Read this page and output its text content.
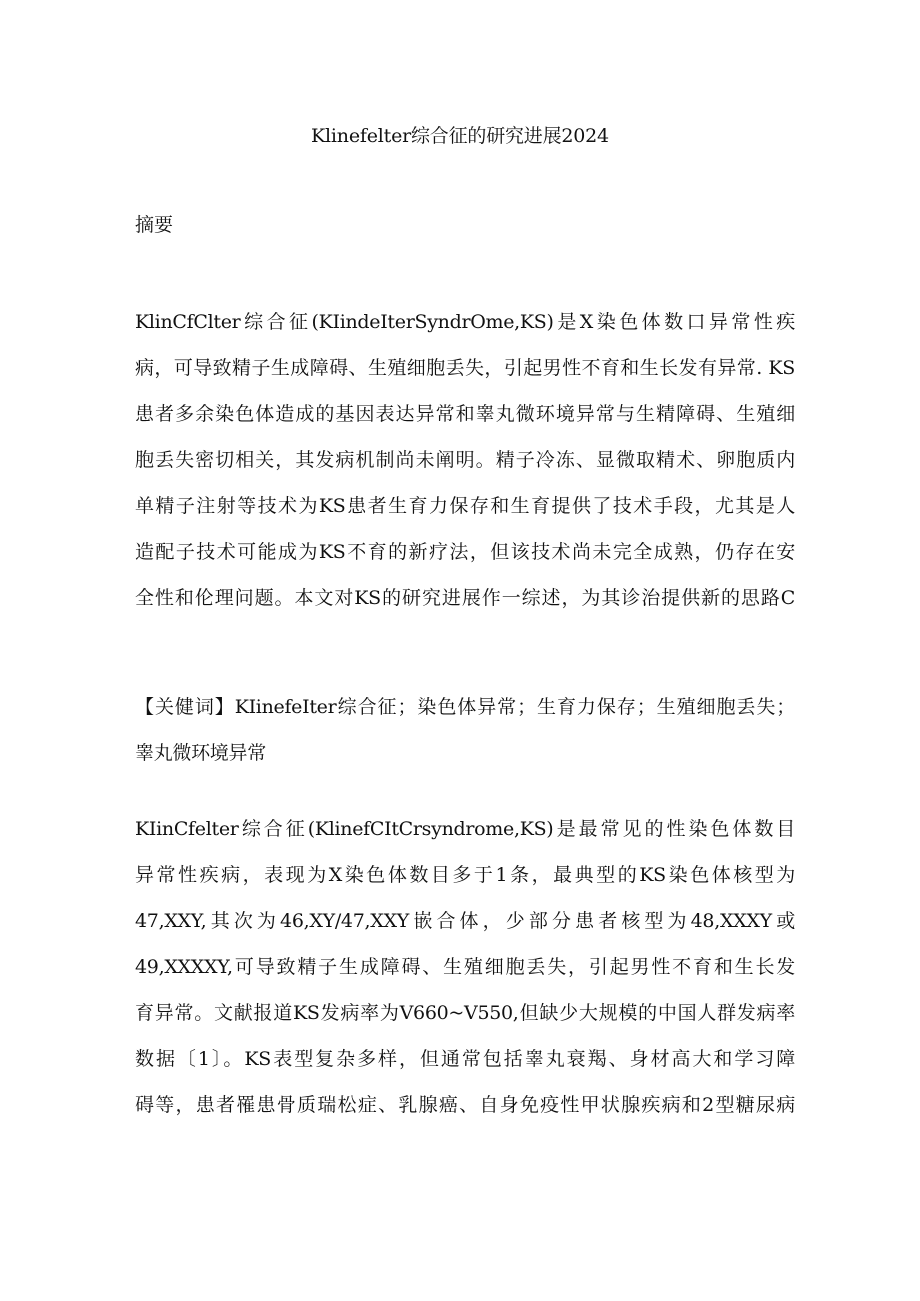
Klinefelter综合征的研究进展2024
摘要
KlinCfClter综合征(KIindeIterSyndrOme,KS)是X染色体数口异常性疾
病，可导致精子生成障碍、生殖细胞丢失，引起男性不育和生长发有异常. KS
患者多余染色体造成的基因表达异常和睾丸微环境异常与生精障碍、生殖细
胞丢失密切相关，其发病机制尚未阐明。精子冷冻、显微取精术、卵胞质内
单精子注射等技术为KS患者生育力保存和生育提供了技术手段，尤其是人
造配子技术可能成为KS不育的新疗法，但该技术尚未完全成熟，仍存在安
全性和伦理问题。本文对KS的研究进展作一综述，为其诊治提供新的思路C
【关健词】KIinefeIter综合征；染色体异常；生育力保存；生殖细胞丢失；
睾丸微环境异常
KIinCfelter综合征(KlinefCItCrsyndrome,KS)是最常见的性染色体数目
异常性疾病，表现为X染色体数目多于1条，最典型的KS染色体核型为
47,XXY,其次为46,XY/47,XXY嵌合体，少部分患者核型为48,XXXY或
49,XXXXY,可导致精子生成障碍、生殖细胞丢失，引起男性不育和生长发
育异常。文献报道KS发病率为V660~V550,但缺少大规模的中国人群发病率
数据〔1〕。KS表型复杂多样，但通常包括睾丸衰羯、身材高大和学习障
碍等，患者罹患骨质瑞松症、乳腺癌、自身免疫性甲状腺疾病和2型糖尿病
